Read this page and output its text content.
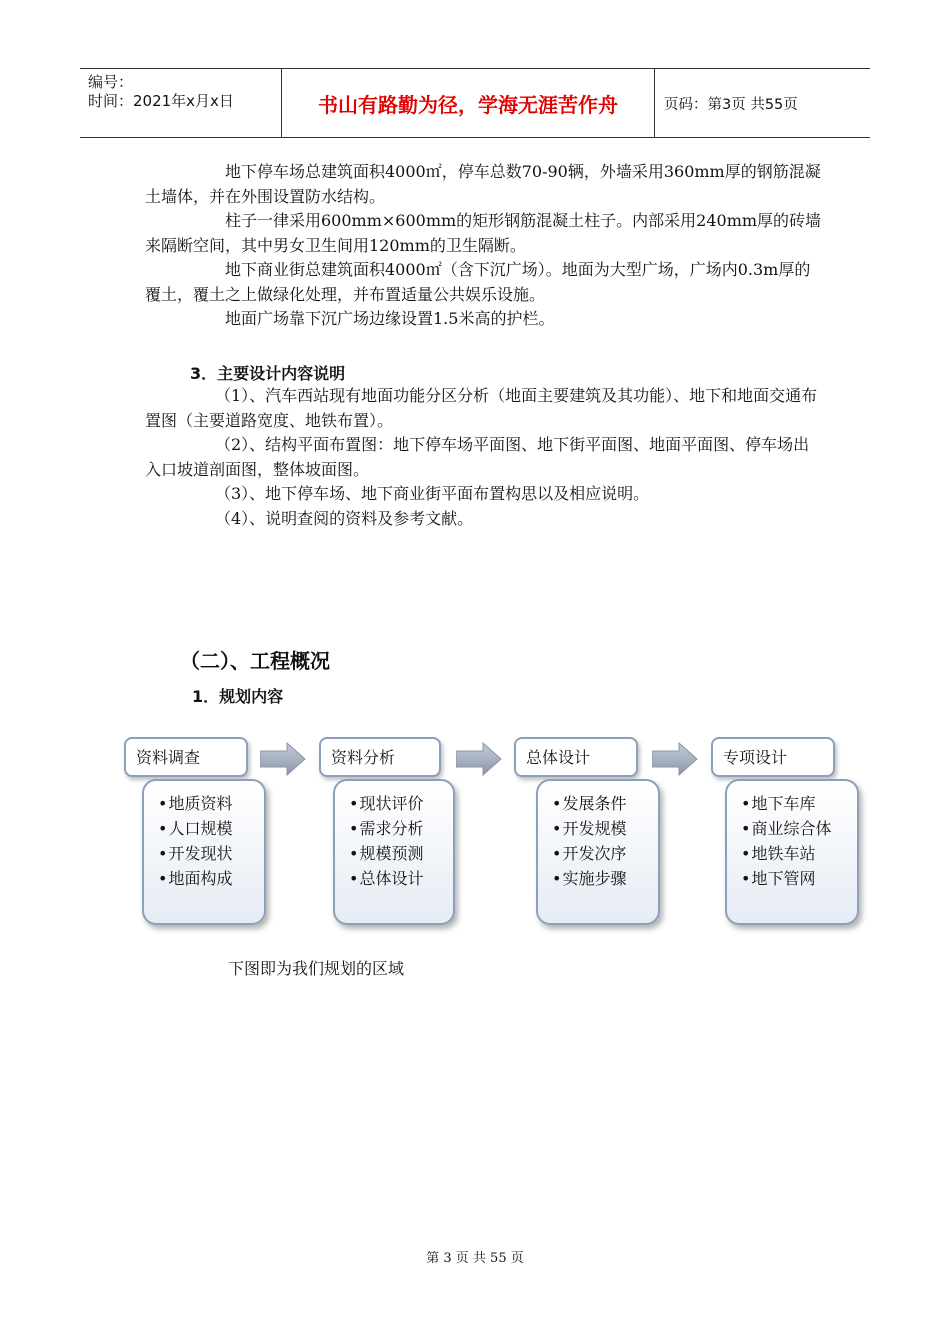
编号：
时间：2021年x月x日	书山有路勤为径，学海无涯苦作舟	页码：第3页 共55页

地下停车场总建筑面积4000㎡，停车总数70-90辆，外墙采用360mm厚的钢筋混凝土墙体，并在外围设置防水结构。

柱子一律采用600mm×600mm的矩形钢筋混凝土柱子。内部采用240mm厚的砖墙来隔断空间，其中男女卫生间用120mm的卫生隔断。

地下商业街总建筑面积4000㎡（含下沉广场）。地面为大型广场，广场内0.3m厚的覆土，覆土之上做绿化处理，并布置适量公共娱乐设施。

地面广场靠下沉广场边缘设置1.5米高的护栏。

3．主要设计内容说明

（1）、汽车西站现有地面功能分区分析（地面主要建筑及其功能）、地下和地面交通布置图（主要道路宽度、地铁布置）。

（2）、结构平面布置图：地下停车场平面图、地下街平面图、地面平面图、停车场出入口坡道剖面图，整体坡面图。

（3）、地下停车场、地下商业街平面布置构思以及相应说明。

（4）、说明查阅的资料及参考文献。

（二）、工程概况
1．规划内容
资料调查
• 地质资料
• 人口规模
• 开发现状
• 地面构成
资料分析
• 现状评价
• 需求分析
• 规模预测
• 总体设计
总体设计
• 发展条件
• 开发规模
• 开发次序
• 实施步骤
专项设计
• 地下车库
• 商业综合体
• 地铁车站
• 地下管网
下图即为我们规划的区域
第 3 页 共 55 页
